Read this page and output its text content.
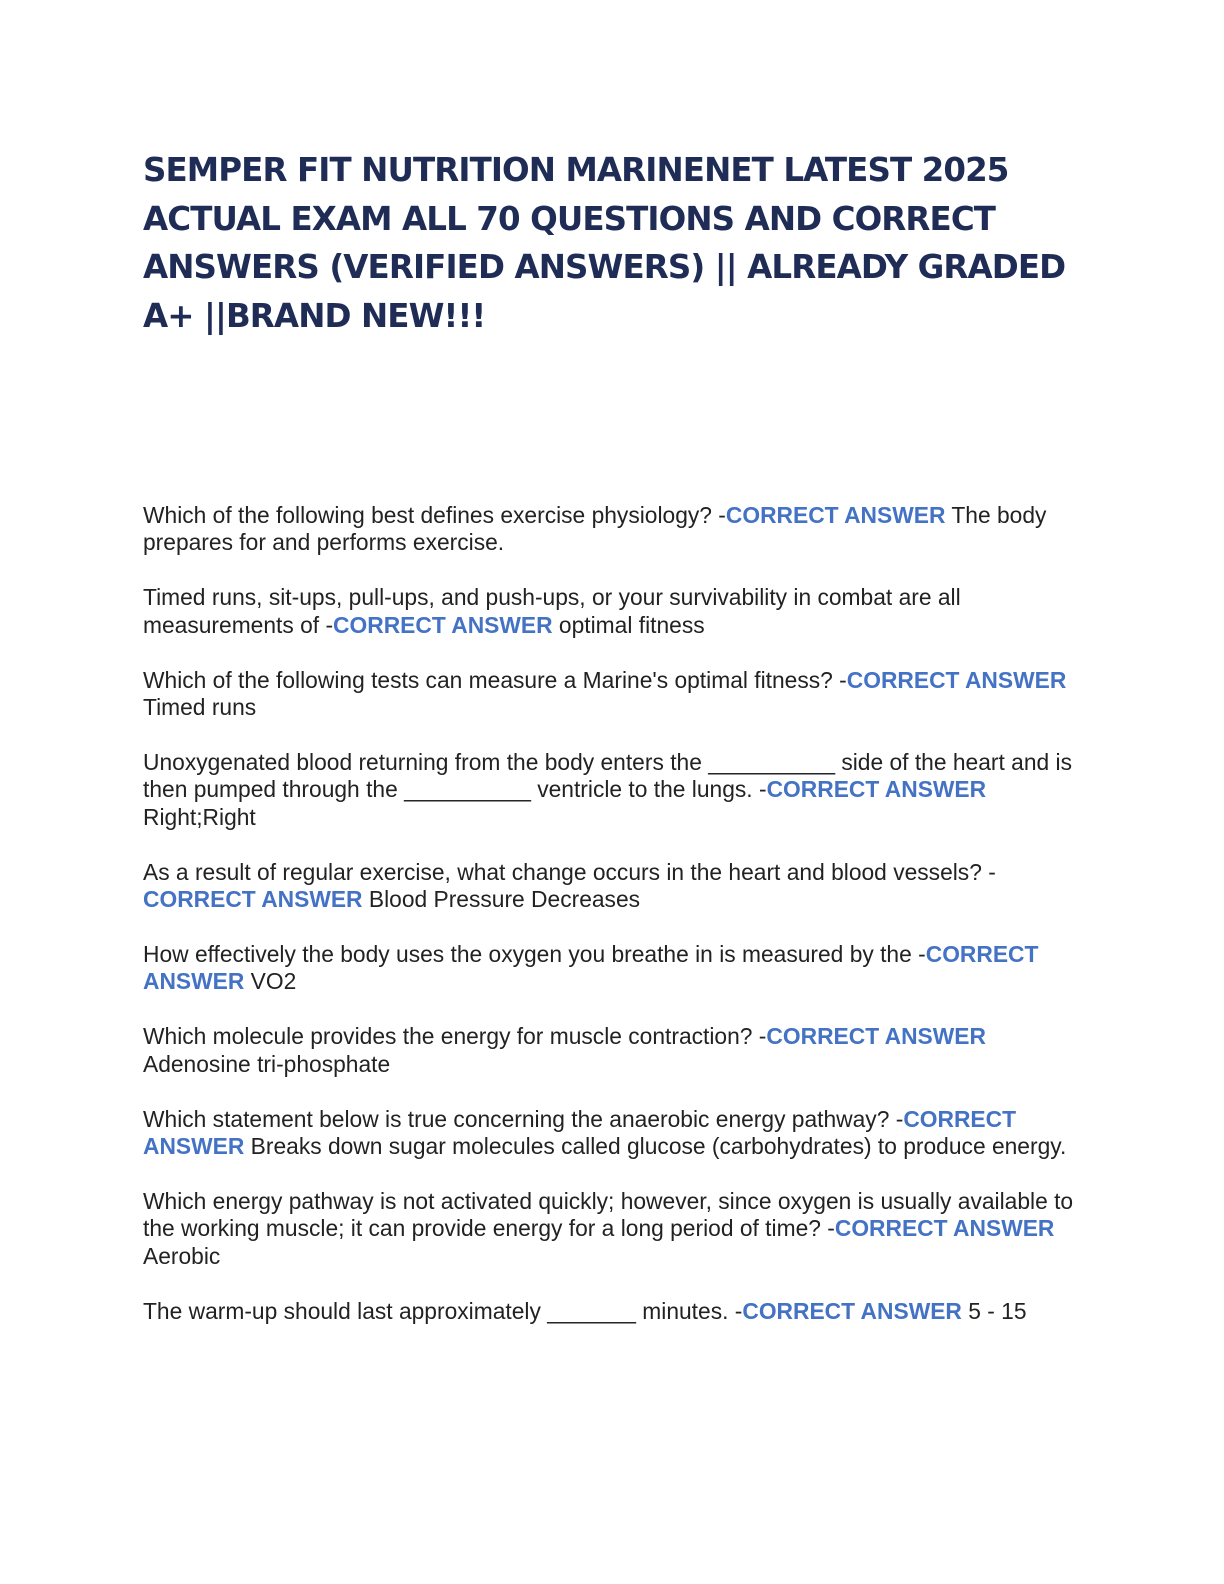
SEMPER FIT NUTRITION MARINENET LATEST 2025 ACTUAL EXAM ALL 70 QUESTIONS AND CORRECT ANSWERS (VERIFIED ANSWERS) || ALREADY GRADED A+ ||BRAND NEW!!!

Which of the following best defines exercise physiology? -CORRECT ANSWER The body prepares for and performs exercise.

Timed runs, sit-ups, pull-ups, and push-ups, or your survivability in combat are all measurements of -CORRECT ANSWER optimal fitness

Which of the following tests can measure a Marine's optimal fitness? -CORRECT ANSWER Timed runs

Unoxygenated blood returning from the body enters the __________ side of the heart and is then pumped through the __________ ventricle to the lungs. -CORRECT ANSWER Right;Right

As a result of regular exercise, what change occurs in the heart and blood vessels? -CORRECT ANSWER Blood Pressure Decreases

How effectively the body uses the oxygen you breathe in is measured by the -CORRECT ANSWER VO2

Which molecule provides the energy for muscle contraction? -CORRECT ANSWER Adenosine tri-phosphate

Which statement below is true concerning the anaerobic energy pathway? -CORRECT ANSWER Breaks down sugar molecules called glucose (carbohydrates) to produce energy.

Which energy pathway is not activated quickly; however, since oxygen is usually available to the working muscle; it can provide energy for a long period of time? -CORRECT ANSWER Aerobic

The warm-up should last approximately _______ minutes. -CORRECT ANSWER 5 - 15
